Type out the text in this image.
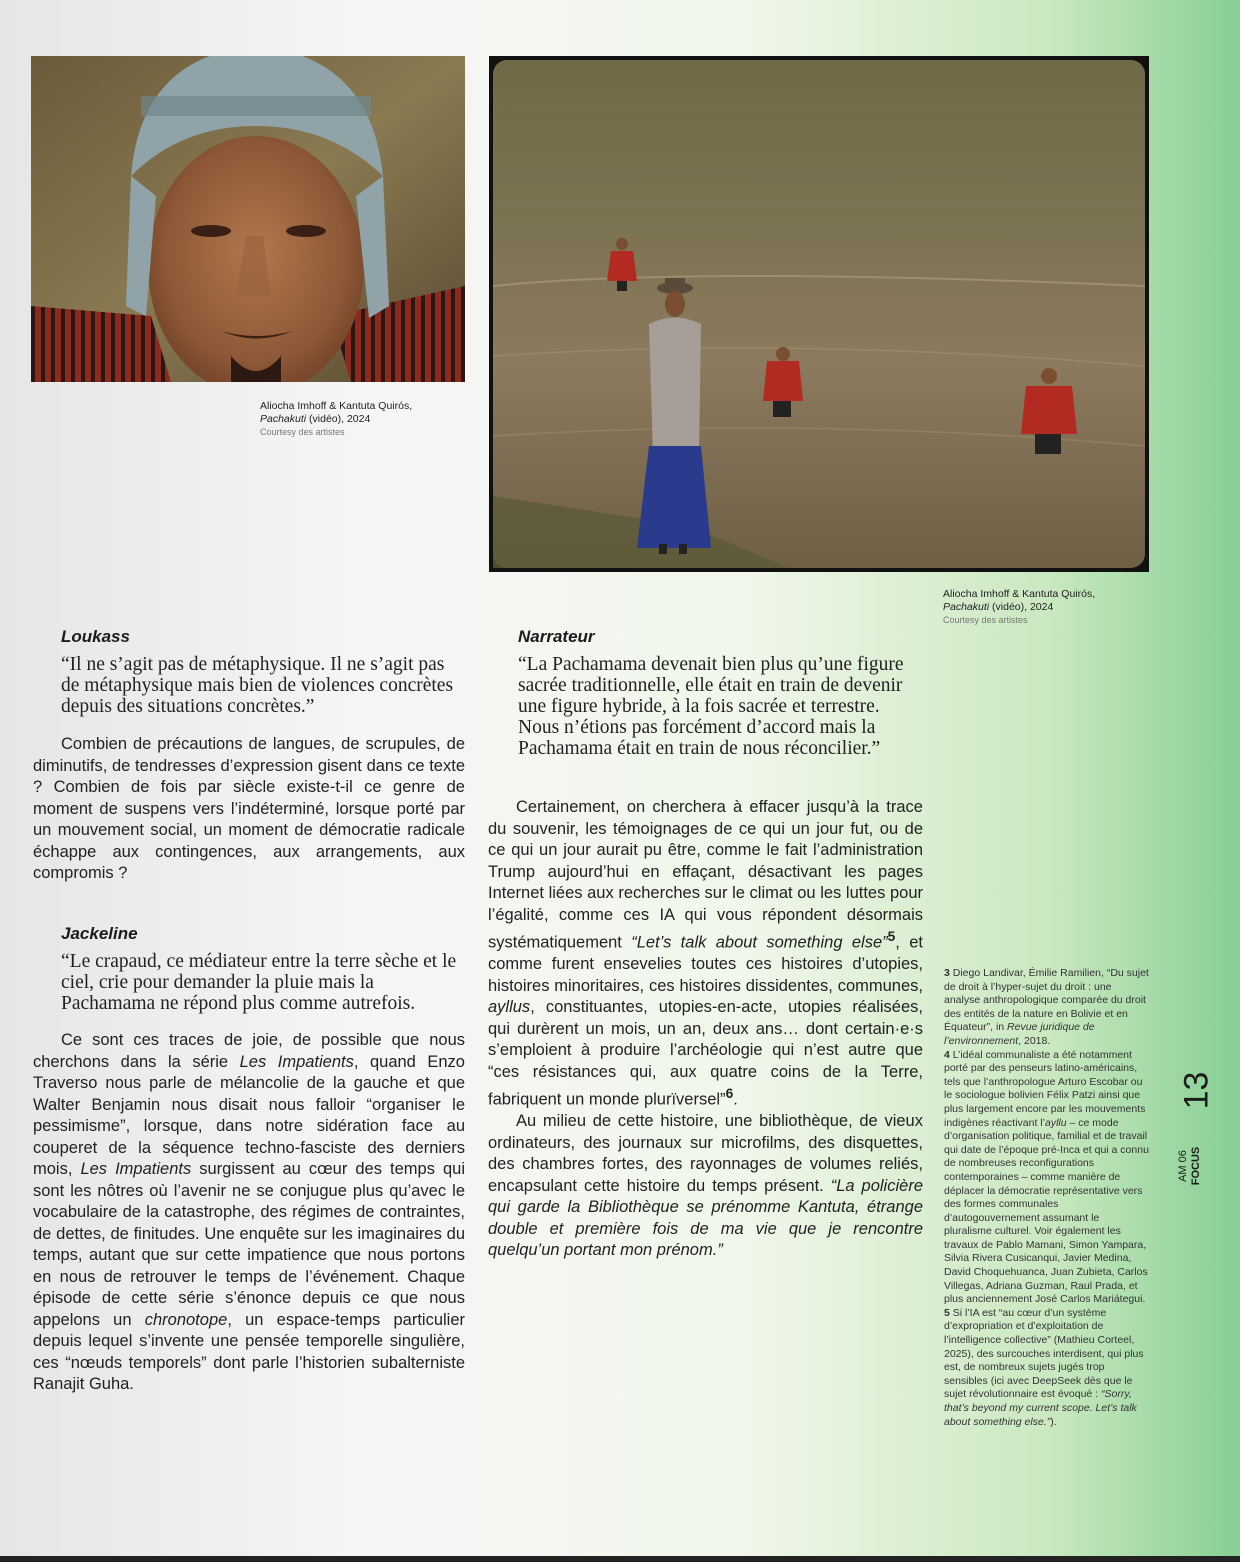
Aliocha Imhoff & Kantuta Quirós,
Pachakuti (vidéo), 2024
Courtesy des artistes
Aliocha Imhoff & Kantuta Quirós,
Pachakuti (vidéo), 2024
Courtesy des artistes
Loukass
“Il ne s’agit pas de métaphysique. Il ne s’agit pas de métaphysique mais bien de violences concrètes depuis des situations concrètes.”

Combien de précautions de langues, de scrupules, de diminutifs, de tendresses d’expression gisent dans ce texte ? Combien de fois par siècle existe-t-il ce genre de moment de suspens vers l’indéterminé, lorsque porté par un mouvement social, un moment de démocratie radicale échappe aux contingences, aux arrangements, aux compromis ?

Jackeline
“Le crapaud, ce médiateur entre la terre sèche et le ciel, crie pour demander la pluie mais la Pachamama ne répond plus comme autrefois.

Ce sont ces traces de joie, de possible que nous cherchons dans la série Les Impatients, quand Enzo Traverso nous parle de mélancolie de la gauche et que Walter Benjamin nous disait nous falloir “organiser le pessimisme”, lorsque, dans notre sidération face au couperet de la séquence techno-fasciste des derniers mois, Les Impatients surgissent au cœur des temps qui sont les nôtres où l’avenir ne se conjugue plus qu’avec le vocabulaire de la catastrophe, des régimes de contraintes, de dettes, de finitudes. Une enquête sur les imaginaires du temps, autant que sur cette impatience que nous portons en nous de retrouver le temps de l’événement. Chaque épisode de cette série s’énonce depuis ce que nous appelons un chronotope, un espace-temps particulier depuis lequel s’invente une pensée temporelle singulière, ces “nœuds temporels” dont parle l’historien subalterniste Ranajit Guha.

Narrateur
“La Pachamama devenait bien plus qu’une figure sacrée traditionnelle, elle était en train de devenir une figure hybride, à la fois sacrée et terrestre. Nous n’étions pas forcément d’accord mais la Pachamama était en train de nous réconcilier.”

Certainement, on cherchera à effacer jusqu’à la trace du souvenir, les témoignages de ce qui un jour fut, ou de ce qui un jour aurait pu être, comme le fait l’administration Trump aujourd’hui en effaçant, désactivant les pages Internet liées aux recherches sur le climat ou les luttes pour l’égalité, comme ces IA qui vous répondent désormais systématiquement “Let’s talk about something else”$^5$, et comme furent ensevelies toutes ces histoires d’utopies, histoires minoritaires, ces histoires dissidentes, communes, ayllus, constituantes, utopies-en-acte, utopies réalisées, qui durèrent un mois, un an, deux ans… dont certain·e·s s’emploient à produire l’archéologie qui n’est autre que “ces résistances qui, aux quatre coins de la Terre, fabriquent un monde plurïversel”$^6$.

Au milieu de cette histoire, une bibliothèque, de vieux ordinateurs, des journaux sur microfilms, des disquettes, des chambres fortes, des rayonnages de volumes reliés, encapsulant cette histoire du temps présent. “La policière qui garde la Bibliothèque se prénomme Kantuta, étrange double et première fois de ma vie que je rencontre quelqu’un portant mon prénom.”

3 Diego Landivar, Émilie Ramilien, “Du sujet de droit à l’hyper-sujet du droit : une analyse anthropologique comparée du droit des entités de la nature en Bolivie et en Équateur”, in Revue juridique de l’environnement, 2018.

4 L’idéal communaliste a été notamment porté par des penseurs latino-américains, tels que l’anthropologue Arturo Escobar ou le sociologue bolivien Félix Patzi ainsi que plus largement encore par les mouvements indigènes réactivant l’ayllu – ce mode d’organisation politique, familial et de travail qui date de l’époque pré-Inca et qui a connu de nombreuses reconfigurations contemporaines – comme manière de déplacer la démocratie représentative vers des formes communales d’autogouvernement assumant le pluralisme culturel. Voir également les travaux de Pablo Mamani, Simon Yampara, Silvia Rivera Cusicanqui, Javier Medina, David Choquehuanca, Juan Zubieta, Carlos Villegas, Adriana Guzman, Raul Prada, et plus anciennement José Carlos Mariátegui.

5 Si l’IA est “au cœur d’un système d’expropriation et d’exploitation de l’intelligence collective” (Mathieu Corteel, 2025), des surcouches interdisent, qui plus est, de nombreux sujets jugés trop sensibles (ici avec DeepSeek dès que le sujet révolutionnaire est évoqué : “Sorry, that’s beyond my current scope. Let’s talk about something else.”).

13
AM 06 FOCUS
